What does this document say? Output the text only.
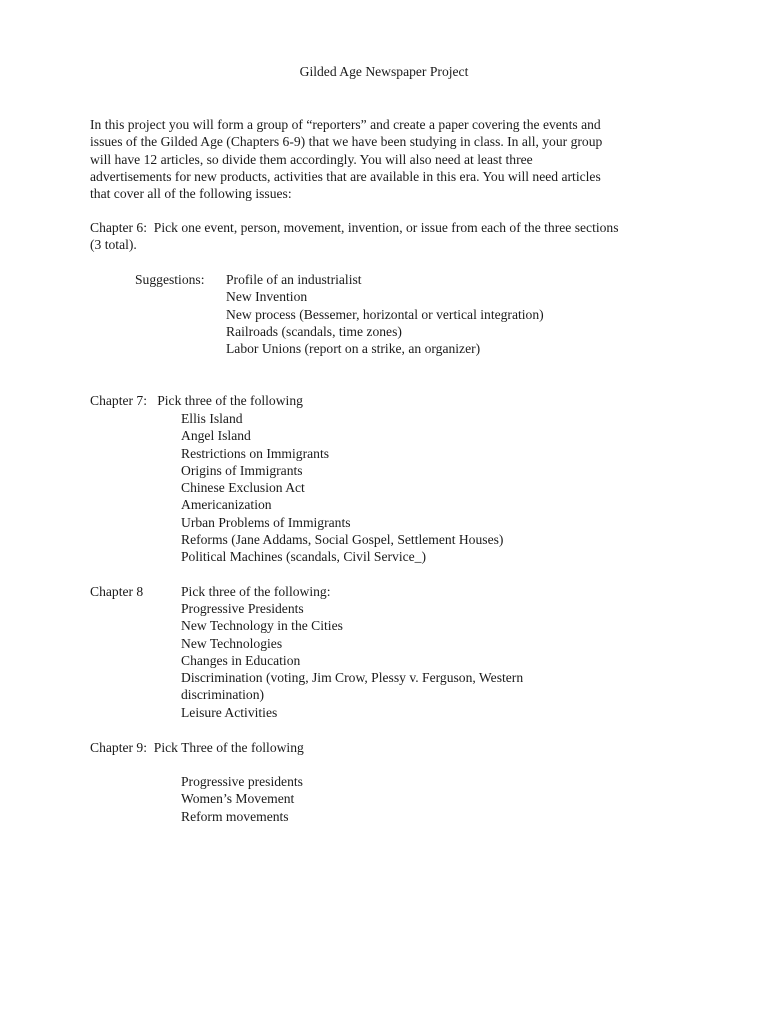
Gilded Age Newspaper Project
In this project you will form a group of “reporters” and create a paper covering the events and
issues of the Gilded Age (Chapters 6-9) that we have been studying in class. In all, your group
will have 12 articles, so divide them accordingly. You will also need at least three
advertisements for new products, activities that are available in this era. You will need articles
that cover all of the following issues:
Chapter 6:  Pick one event, person, movement, invention, or issue from each of the three sections
(3 total).
Suggestions: Profile of an industrialist
New Invention
New process (Bessemer, horizontal or vertical integration)
Railroads (scandals, time zones)
Labor Unions (report on a strike, an organizer)
Chapter 7:   Pick three of the following
Ellis Island
Angel Island
Restrictions on Immigrants
Origins of Immigrants
Chinese Exclusion Act
Americanization
Urban Problems of Immigrants
Reforms (Jane Addams, Social Gospel, Settlement Houses)
Political Machines (scandals, Civil Service_)
Chapter 8	Pick three of the following:
Progressive Presidents
New Technology in the Cities
New Technologies
Changes in Education
Discrimination (voting, Jim Crow, Plessy v. Ferguson, Western
discrimination)
Leisure Activities
Chapter 9:  Pick Three of the following
Progressive presidents
Women’s Movement
Reform movements
